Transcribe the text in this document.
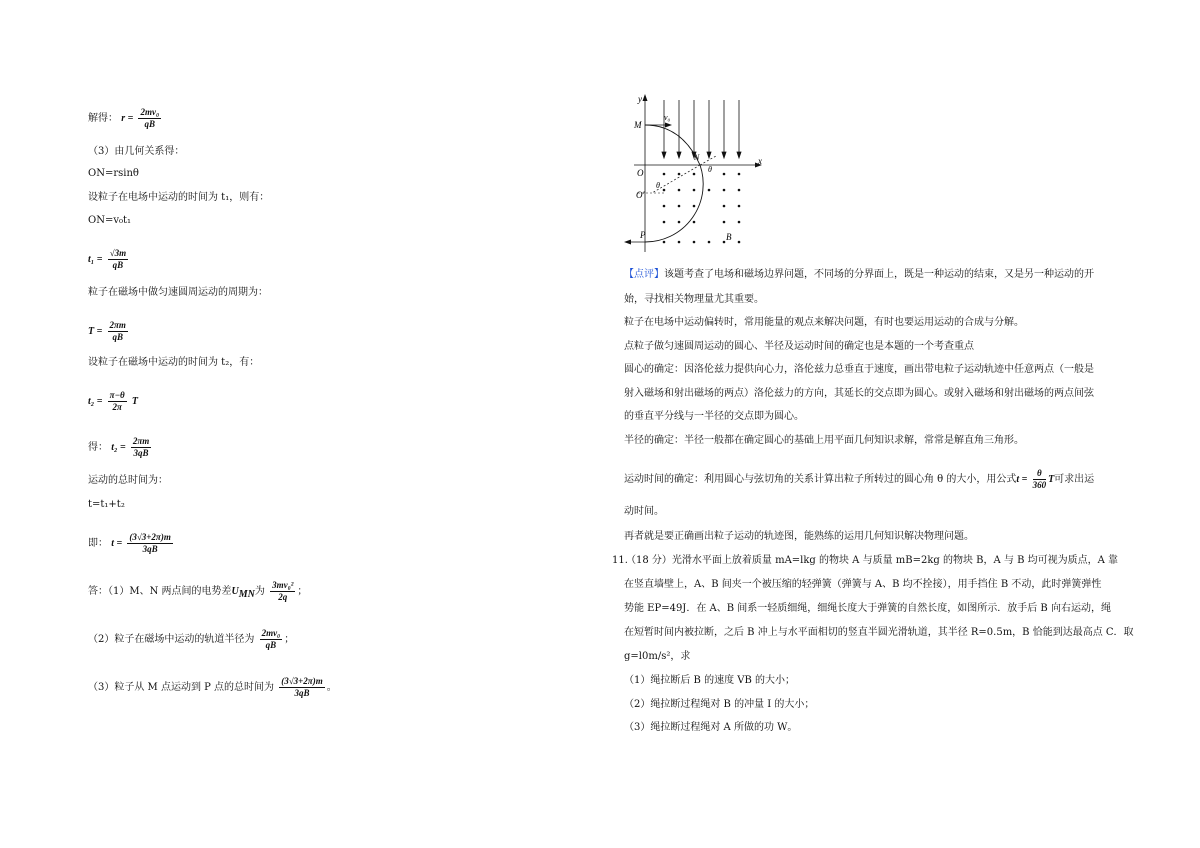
解得： $r = \frac{\text{2mv₀}}{qB}$
（3）由几何关系得：
ON=rsinθ
设粒子在电场中运动的时间为 t₁，则有：
ON=v₀t₁
$t_1 = \frac{√3m}{qB}$
粒子在磁场中做匀速圆周运动的周期为：
$T = \frac{2\pi m}{qB}$
设粒子在磁场中运动的时间为 t₂，有：
$t_2 = \frac{\pi-\theta}{2\pi}$ T
得： $t_2 = \frac{2\pi m}{3qB}$
运动的总时间为：
t=t₁+t₂
即： $t = \frac{(3√3+2\pi)m}{3qB}$
答：（1）M、N 两点间的电势差$U_{MN}$为 $\frac{\text{3mv₀²}}{2q}$ ；
（2）粒子在磁场中运动的轨道半径为 $\frac{\text{2mv₀}}{qB}$ ；
（3）粒子从 M 点运动到 P 点的总时间为 $\frac{(3√3+2\pi)m}{3qB}$ 。
y
x
M
v₀
O
O'
θ
θ
N
P	B
【点评】该题考查了电场和磁场边界问题，不同场的分界面上，既是一种运动的结束，又是另一种运动的开
始，寻找相关物理量尤其重要。
粒子在电场中运动偏转时，常用能量的观点来解决问题，有时也要运用运动的合成与分解。
点粒子做匀速圆周运动的圆心、半径及运动时间的确定也是本题的一个考查重点
圆心的确定：因洛伦兹力提供向心力，洛伦兹力总垂直于速度，画出带电粒子运动轨迹中任意两点（一般是
射入磁场和射出磁场的两点）洛伦兹力的方向，其延长的交点即为圆心。或射入磁场和射出磁场的两点间弦
的垂直平分线与一半径的交点即为圆心。
半径的确定：半径一般都在确定圆心的基础上用平面几何知识求解，常常是解直角三角形。
运动时间的确定：利用圆心与弦切角的关系计算出粒子所转过的圆心角 θ 的大小，用公式$t = \frac{\theta}{360}$ T可求出运
动时间。
再者就是要正确画出粒子运动的轨迹图，能熟练的运用几何知识解决物理问题。
11.
（18 分）光滑水平面上放着质量 mA=lkg 的物块 A 与质量 mB=2kg 的物块 B，A 与 B 均可视为质点，A 靠
在竖直墙壁上，A、B 间夹一个被压缩的轻弹簧（弹簧与 A、B 均不拴接），用手挡住 B 不动，此时弹簧弹性
势能 EP=49J．在 A、B 间系一轻质细绳，细绳长度大于弹簧的自然长度，如图所示．放手后 B 向右运动，绳
在短暂时间内被拉断，之后 B 冲上与水平面相切的竖直半圆光滑轨道，其半径 R=0.5m，B 恰能到达最高点 C．取
g=l0m/s²，求
（1）绳拉断后 B 的速度 VB 的大小；
（2）绳拉断过程绳对 B 的冲量 I 的大小；
（3）绳拉断过程绳对 A 所做的功 W。
